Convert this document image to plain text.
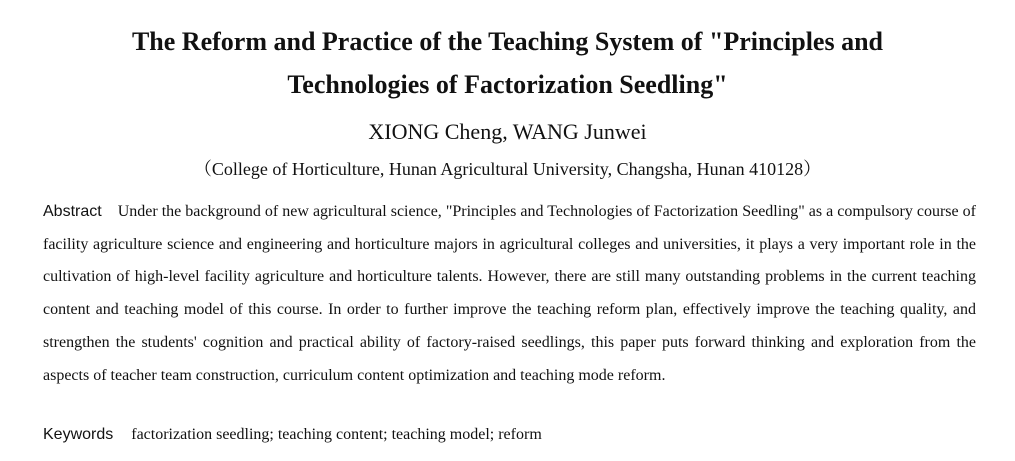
The Reform and Practice of the Teaching System of "Principles and
Technologies of Factorization Seedling"
XIONG Cheng, WANG Junwei
（College of Horticulture, Hunan Agricultural University, Changsha, Hunan 410128）
Abstract Under the background of new agricultural science, "Principles and Technologies of Factorization Seedling" as a compulsory course of facility agriculture science and engineering and horticulture majors in agricultural colleges and universities, it plays a very important role in the cultivation of high-level facility agriculture and horticulture talents. However, there are still many outstanding problems in the current teaching content and teaching model of this course. In order to further improve the teaching reform plan, effectively improve the teaching quality, and strengthen the students' cognition and practical ability of factory-raised seedlings, this paper puts forward thinking and exploration from the aspects of teacher team construction, curriculum content optimization and teaching mode reform.
Keywords factorization seedling; teaching content; teaching model; reform
